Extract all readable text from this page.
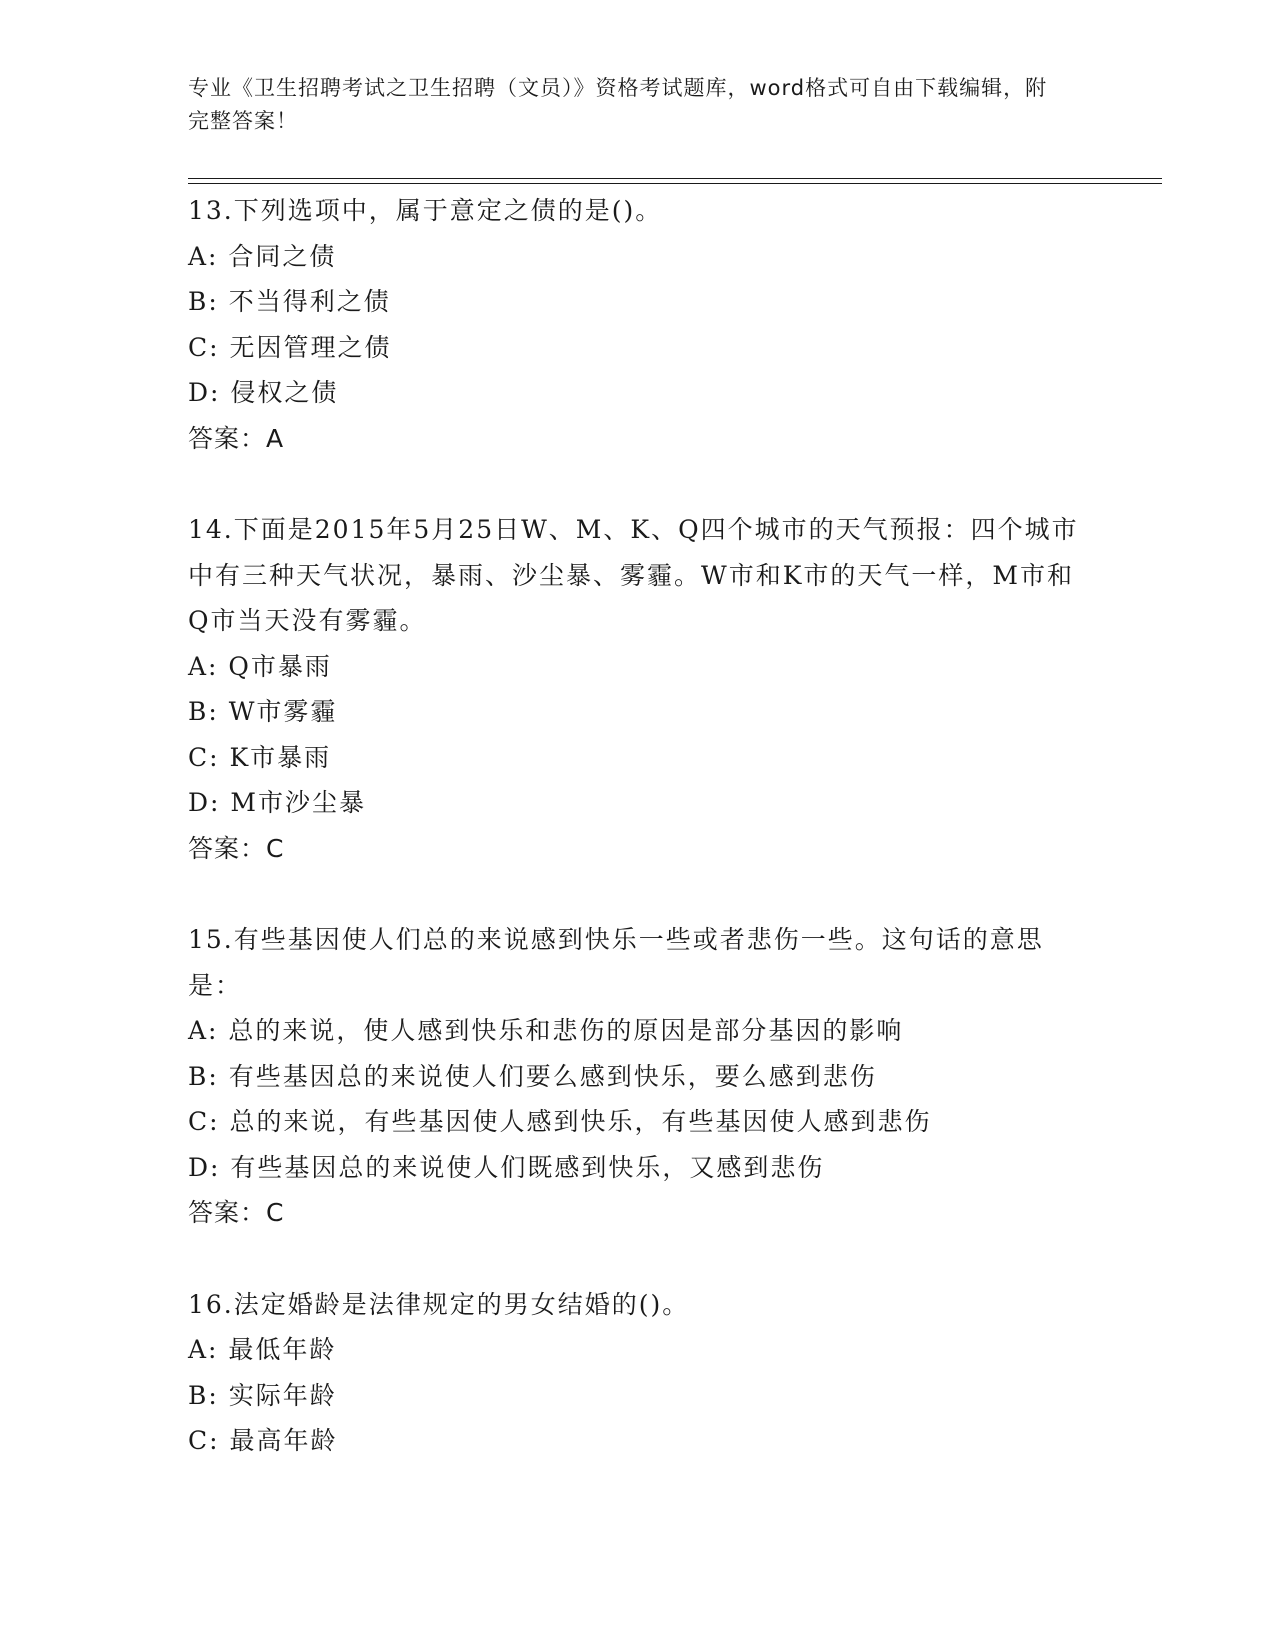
专业《卫生招聘考试之卫生招聘（文员）》资格考试题库，word格式可自由下载编辑，附完整答案！
13.下列选项中，属于意定之债的是()。
A: 合同之债
B: 不当得利之债
C: 无因管理之债
D: 侵权之债
答案：A
14.下面是2015年5月25日W、M、K、Q四个城市的天气预报：四个城市中有三种天气状况，暴雨、沙尘暴、雾霾。W市和K市的天气一样，M市和Q市当天没有雾霾。
A: Q市暴雨
B: W市雾霾
C: K市暴雨
D: M市沙尘暴
答案：C
15.有些基因使人们总的来说感到快乐一些或者悲伤一些。这句话的意思是：
A: 总的来说，使人感到快乐和悲伤的原因是部分基因的影响
B: 有些基因总的来说使人们要么感到快乐，要么感到悲伤
C: 总的来说，有些基因使人感到快乐，有些基因使人感到悲伤
D: 有些基因总的来说使人们既感到快乐，又感到悲伤
答案：C
16.法定婚龄是法律规定的男女结婚的()。
A: 最低年龄
B: 实际年龄
C: 最高年龄
